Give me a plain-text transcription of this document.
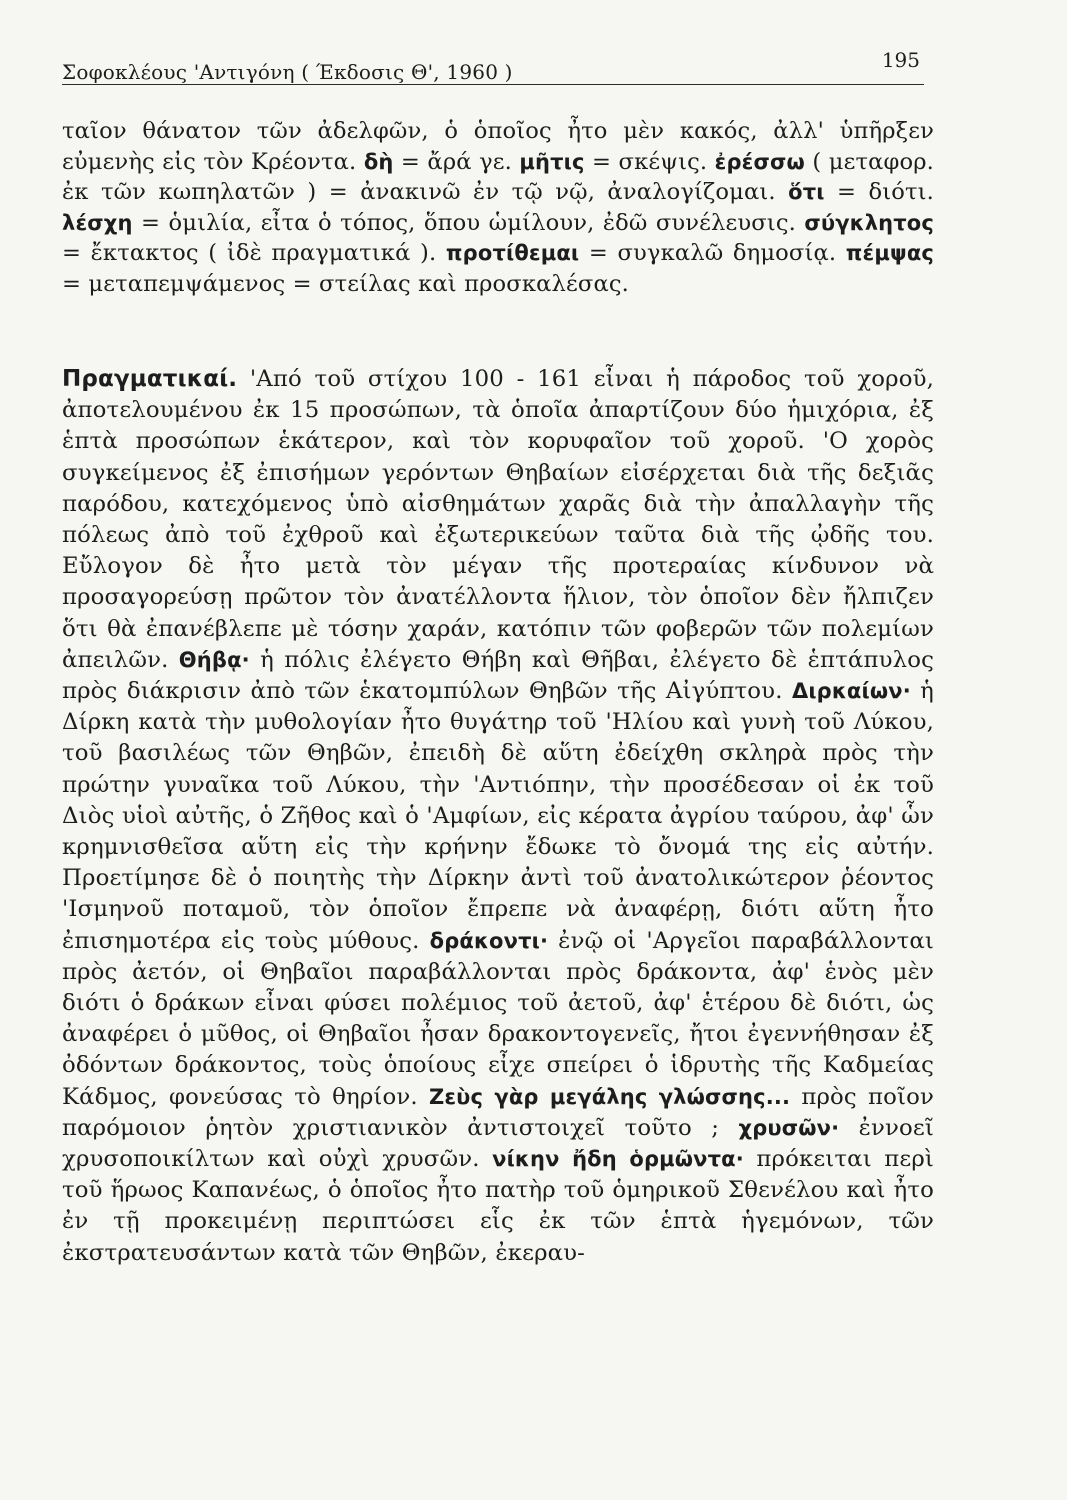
Σοφοκλέους 'Αντιγόνη ( Έκδοσις Θ', 1960 )	195
ταῖον θάνατον τῶν ἀδελφῶν, ὁ ὁποῖος ἦτο μὲν κακός, ἀλλ' ὑπῆρξεν εὐμενὴς εἰς τὸν Κρέοντα. δὴ = ἄρά γε. μῆτις = σκέψις. ἐρέσσω ( μεταφορ. ἐκ τῶν κωπηλατῶν ) = ἀνακινῶ ἐν τῷ νῷ, ἀναλογίζομαι. ὅτι = διότι. λέσχη = ὁμιλία, εἶτα ὁ τόπος, ὅπου ὡμίλουν, ἐδῶ συνέλευσις. σύγκλητος = ἔκτακτος ( ἰδὲ πραγματικά ). προτίθεμαι = συγκαλῶ δημοσίᾳ. πέμψας = μεταπεμψάμενος = στείλας καὶ προσκαλέσας.
Πραγματικαί. 'Από τοῦ στίχου 100 - 161 εἶναι ἡ πάροδος τοῦ χοροῦ, ἀποτελουμένου ἐκ 15 προσώπων, τὰ ὁποῖα ἀπαρτίζουν δύο ἡμιχόρια, ἐξ ἑπτὰ προσώπων ἑκάτερον, καὶ τὸν κορυφαῖον τοῦ χοροῦ. 'Ο χορὸς συγκείμενος ἐξ ἐπισήμων γερόντων Θηβαίων εἰσέρχεται διὰ τῆς δεξιᾶς παρόδου, κατεχόμενος ὑπὸ αἰσθημάτων χαρᾶς διὰ τὴν ἀπαλλαγὴν τῆς πόλεως ἀπὸ τοῦ ἐχθροῦ καὶ ἐξωτερικεύων ταῦτα διὰ τῆς ᾠδῆς του. Εὔλογον δὲ ἦτο μετὰ τὸν μέγαν τῆς προτεραίας κίνδυνον νὰ προσαγορεύσῃ πρῶτον τὸν ἀνατέλλοντα ἥλιον, τὸν ὁποῖον δὲν ἤλπιζεν ὅτι θὰ ἐπανέβλεπε μὲ τόσην χαράν, κατόπιν τῶν φοβερῶν τῶν πολεμίων ἀπειλῶν. Θήβᾳ· ἡ πόλις ἐλέγετο Θήβη καὶ Θῆβαι, ἐλέγετο δὲ ἑπτάπυλος πρὸς διάκρισιν ἀπὸ τῶν ἑκατομπύλων Θηβῶν τῆς Αἰγύπτου. Διρκαίων· ἡ Δίρκη κατὰ τὴν μυθολογίαν ἦτο θυγάτηρ τοῦ 'Ηλίου καὶ γυνὴ τοῦ Λύκου, τοῦ βασιλέως τῶν Θηβῶν, ἐπειδὴ δὲ αὕτη ἐδείχθη σκληρὰ πρὸς τὴν πρώτην γυναῖκα τοῦ Λύκου, τὴν 'Αντιόπην, τὴν προσέδεσαν οἱ ἐκ τοῦ Διὸς υἱοὶ αὐτῆς, ὁ Ζῆθος καὶ ὁ 'Αμφίων, εἰς κέρατα ἀγρίου ταύρου, ἀφ' ὧν κρημνισθεῖσα αὕτη εἰς τὴν κρήνην ἔδωκε τὸ ὄνομά της εἰς αὐτήν. Προετίμησε δὲ ὁ ποιητὴς τὴν Δίρκην ἀντὶ τοῦ ἀνατολικώτερον ῥέοντος 'Ισμηνοῦ ποταμοῦ, τὸν ὁποῖον ἔπρεπε νὰ ἀναφέρῃ, διότι αὕτη ἦτο ἐπισημοτέρα εἰς τοὺς μύθους. δράκοντι· ἐνῷ οἱ 'Αργεῖοι παραβάλλονται πρὸς ἀετόν, οἱ Θηβαῖοι παραβάλλονται πρὸς δράκοντα, ἀφ' ἑνὸς μὲν διότι ὁ δράκων εἶναι φύσει πολέμιος τοῦ ἀετοῦ, ἀφ' ἑτέρου δὲ διότι, ὡς ἀναφέρει ὁ μῦθος, οἱ Θηβαῖοι ἦσαν δρακοντογενεῖς, ἤτοι ἐγεννήθησαν ἐξ ὀδόντων δράκοντος, τοὺς ὁποίους εἶχε σπείρει ὁ ἱδρυτὴς τῆς Καδμείας Κάδμος, φονεύσας τὸ θηρίον. Ζεὺς γὰρ μεγάλης γλώσσης... πρὸς ποῖον παρόμοιον ῥητὸν χριστιανικὸν ἀντιστοιχεῖ τοῦτο ; χρυσῶν· ἐννοεῖ χρυσοποικίλτων καὶ οὐχὶ χρυσῶν. νίκην ἤδη ὁρμῶντα· πρόκειται περὶ τοῦ ἥρωος Καπανέως, ὁ ὁποῖος ἦτο πατὴρ τοῦ ὁμηρικοῦ Σθενέλου καὶ ἦτο ἐν τῇ προκειμένῃ περιπτώσει εἷς ἐκ τῶν ἑπτὰ ἡγεμόνων, τῶν ἐκστρατευσάντων κατὰ τῶν Θηβῶν, ἐκεραυ-
